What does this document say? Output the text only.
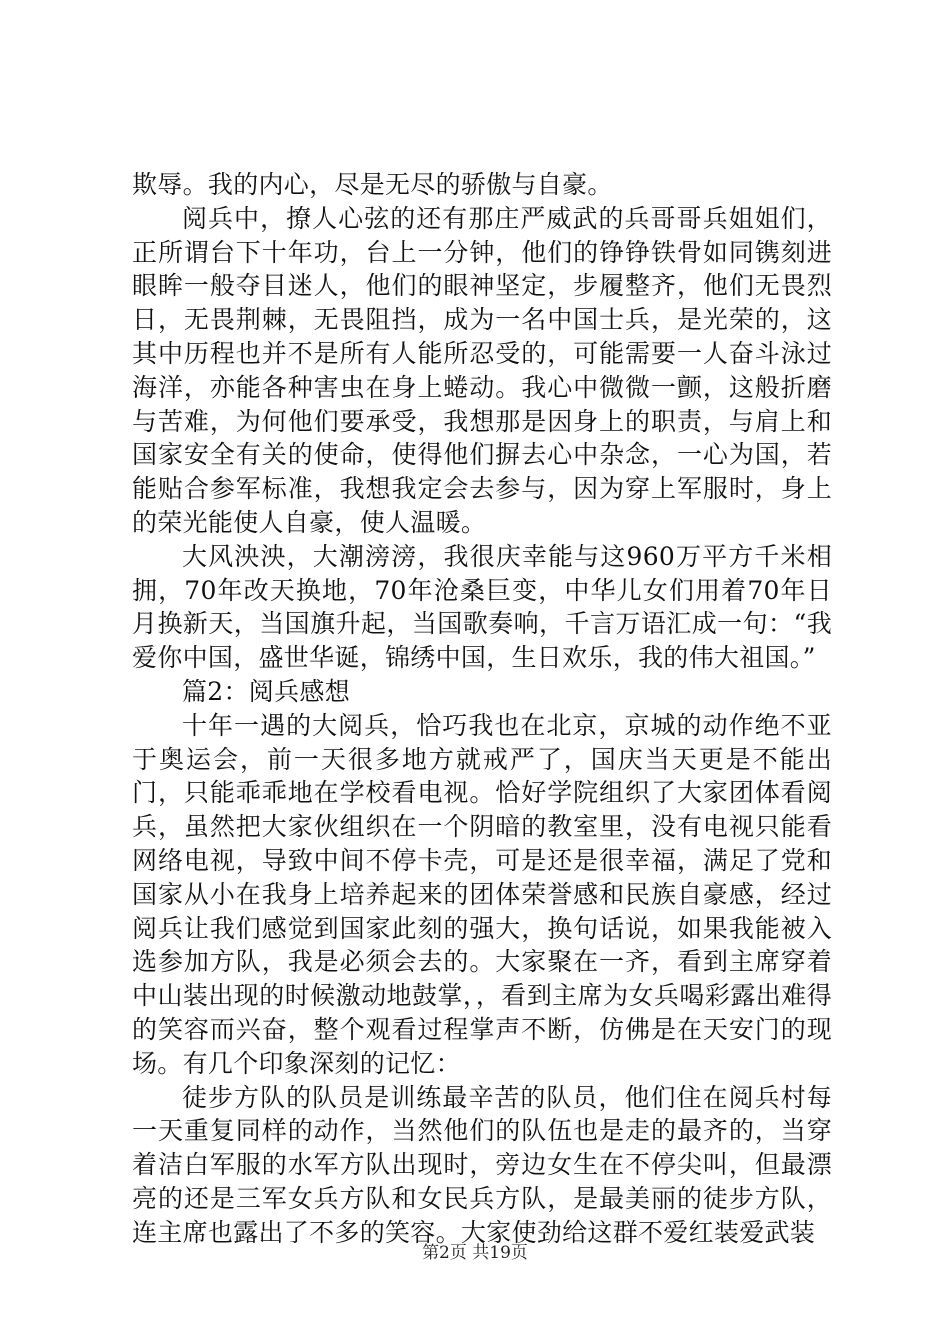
欺辱。我的内心，尽是无尽的骄傲与自豪。

阅兵中，撩人心弦的还有那庄严威武的兵哥哥兵姐姐们，正所谓台下十年功，台上一分钟，他们的铮铮铁骨如同镌刻进眼眸一般夺目迷人，他们的眼神坚定，步履整齐，他们无畏烈日，无畏荆棘，无畏阻挡，成为一名中国士兵，是光荣的，这其中历程也并不是所有人能所忍受的，可能需要一人奋斗泳过海洋，亦能各种害虫在身上蜷动。我心中微微一颤，这般折磨与苦难，为何他们要承受，我想那是因身上的职责，与肩上和国家安全有关的使命，使得他们摒去心中杂念，一心为国，若能贴合参军标准，我想我定会去参与，因为穿上军服时，身上的荣光能使人自豪，使人温暖。

大风泱泱，大潮滂滂，我很庆幸能与这960万平方千米相拥，70年改天换地，70年沧桑巨变，中华儿女们用着70年日月换新天，当国旗升起，当国歌奏响，千言万语汇成一句：“我爱你中国，盛世华诞，锦绣中国，生日欢乐，我的伟大祖国。”

篇2：阅兵感想

十年一遇的大阅兵，恰巧我也在北京，京城的动作绝不亚于奥运会，前一天很多地方就戒严了，国庆当天更是不能出门，只能乖乖地在学校看电视。恰好学院组织了大家团体看阅兵，虽然把大家伙组织在一个阴暗的教室里，没有电视只能看网络电视，导致中间不停卡壳，可是还是很幸福，满足了党和国家从小在我身上培养起来的团体荣誉感和民族自豪感，经过阅兵让我们感觉到国家此刻的强大，换句话说，如果我能被入选参加方队，我是必须会去的。大家聚在一齐，看到主席穿着中山装出现的时候激动地鼓掌，，看到主席为女兵喝彩露出难得的笑容而兴奋，整个观看过程掌声不断，仿佛是在天安门的现场。有几个印象深刻的记忆：

徒步方队的队员是训练最辛苦的队员，他们住在阅兵村每一天重复同样的动作，当然他们的队伍也是走的最齐的，当穿着洁白军服的水军方队出现时，旁边女生在不停尖叫，但最漂亮的还是三军女兵方队和女民兵方队，是最美丽的徒步方队，连主席也露出了不多的笑容。大家使劲给这群不爱红装爱武装

第2页 共19页
